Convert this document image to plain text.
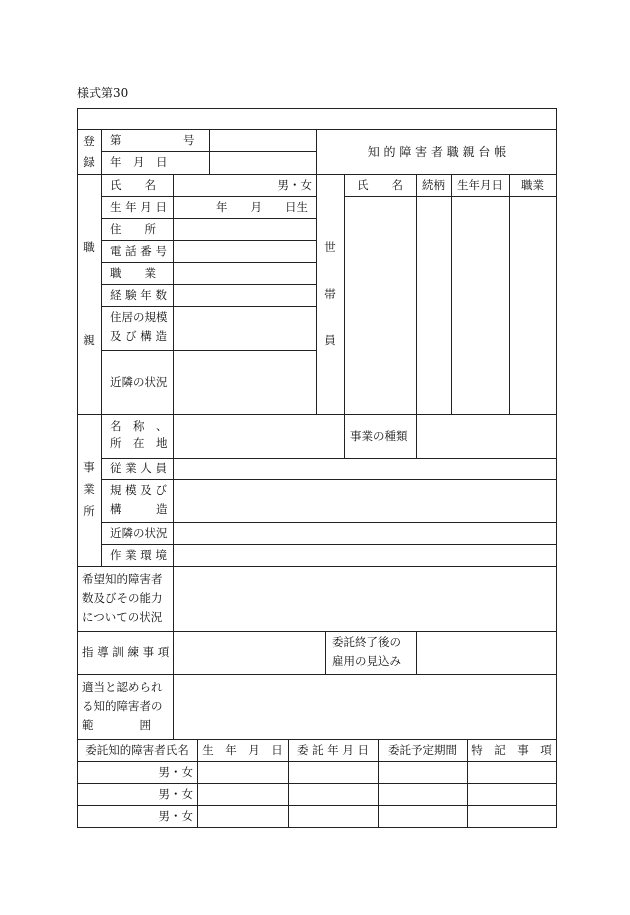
様式第30
登
録
第	号
年　月　日
知 的 障 害 者 職 親 台 帳
職
親
氏　　名	男・女
生 年 月 日	年　　月　　日生
住　　所
電 話 番 号
職　　業
経 験 年 数
住居の規模
及 び 構 造
近隣の状況
世
帯
員
氏　　名	続柄	生年月日	職業
事
業
所
名　称　、
所　在　地	事業の種類
従 業 人 員
規 模 及 び
構　　　造
近隣の状況
作 業 環 境
希望知的障害者
数及びその能力
についての状況
指 導 訓 練 事 項
委託終了後の
雇用の見込み
適当と認められ
る知的障害者の
範　　　　囲
委託知的障害者氏名	生　年　月　日	委 託 年 月 日	委託予定期間	特　記　事　項
男・女
男・女
男・女
